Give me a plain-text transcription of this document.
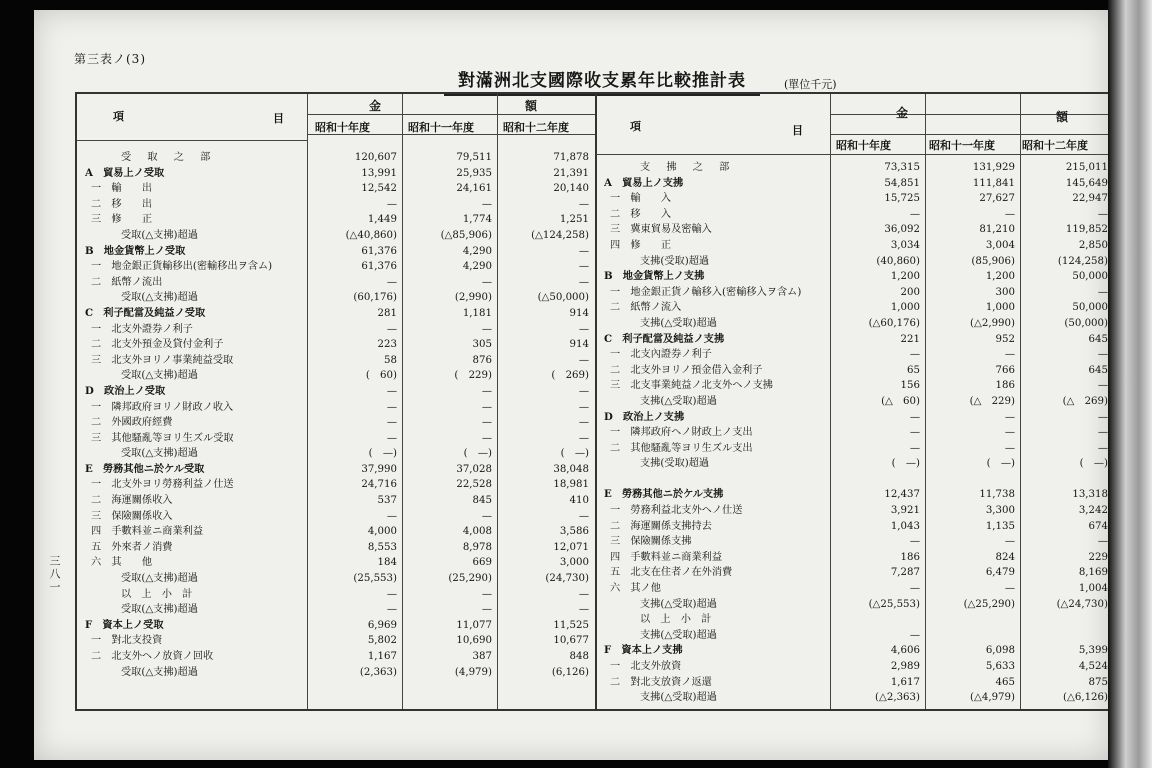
第三表ノ(3)
對滿洲北支國際收支累年比較推計表	(單位千元)
三八一
項	目
金	額
昭和十年度	昭和十一年度	昭和十二年度
受　取　之　部	120,607	79,511	71,878
A　貿易上ノ受取	13,991	25,935	21,391
一　輸　　出	12,542	24,161	20,140
二　移　　出	—	—	—
三　修　　正	1,449	1,774	1,251
受取(△支拂)超過	(△40,860)	(△85,906)	(△124,258)
B　地金貨幣上ノ受取	61,376	4,290	—
一　地金銀正貨輸移出(密輸移出ヲ含ム)	61,376	4,290	—
二　紙幣ノ流出	—	—	—
受取(△支拂)超過	(60,176)	(2,990)	(△50,000)
C　利子配當及純益ノ受取	281	1,181	914
一　北支外證券ノ利子	—	—	—
二　北支外預金及貸付金利子	223	305	914
三　北支外ヨリノ事業純益受取	58	876	—
受取(△支拂)超過	(　60)	(　229)	(　269)
D　政治上ノ受取	—	—	—
一　隣邦政府ヨリノ財政ノ收入	—	—	—
二　外國政府經費	—	—	—
三　其他騷亂等ヨリ生ズル受取	—	—	—
受取(△支拂)超過	(　—)	(　—)	(　—)
E　勞務其他ニ於ケル受取	37,990	37,028	38,048
一　北支外ヨリ勞務利益ノ仕送	24,716	22,528	18,981
二　海運關係收入	537	845	410
三　保險關係收入	—	—	—
四　手數料並ニ商業利益	4,000	4,008	3,586
五　外來者ノ消費	8,553	8,978	12,071
六　其　　他	184	669	3,000
受取(△支拂)超過	(25,553)	(25,290)	(24,730)
以　上　小　計	—	—	—
受取(△支拂)超過	—	—	—
F　資本上ノ受取	6,969	11,077	11,525
一　對北支投資	5,802	10,690	10,677
二　北支外ヘノ放資ノ回收	1,167	387	848
受取(△支拂)超過	(2,363)	(4,979)	(6,126)
項	目
金	額
昭和十年度	昭和十一年度 昭和十二年度
支　拂　之　部	73,315	131,929	215,011
A　貿易上ノ支拂	54,851	111,841	145,649
一　輸　　入	15,725	27,627	22,947
二　移　　入	—	—	—
三　冀東貿易及密輸入	36,092	81,210	119,852
四　修　　正	3,034	3,004	2,850
支拂(受取)超過	(40,860)	(85,906)	(124,258)
B　地金貨幣上ノ支拂	1,200	1,200	50,000
一　地金銀正貨ノ輸移入(密輸移入ヲ含ム)	200	300	—
二　紙幣ノ流入	1,000	1,000	50,000
支拂(△受取)超過	(△60,176)	(△2,990)	(50,000)
C　利子配當及純益ノ支拂	221	952	645
一　北支內證券ノ利子	—	—	—
二　北支外ヨリノ預金借入金利子	65	766	645
三　北支事業純益ノ北支外ヘノ支拂	156	186	—
支拂(△受取)超過	(△　60)	(△　229)	(△　269)
D　政治上ノ支拂	—	—	—
一　隣邦政府ヘノ財政上ノ支出	—	—	—
二　其他騷亂等ヨリ生ズル支出	—	—	—
支拂(受取)超過	(　—)	(　—)	(　—)
E　勞務其他ニ於ケル支拂	12,437	11,738	13,318
一　勞務利益北支外ヘノ仕送	3,921	3,300	3,242
二　海運關係支拂持去	1,043	1,135	674
三　保險關係支拂	—	—	—
四　手數料並ニ商業利益	186	824	229
五　北支在住者ノ在外消費	7,287	6,479	8,169
六　其ノ他	—	—	1,004
支拂(△受取)超過	(△25,553)	(△25,290)	(△24,730)
以　上　小　計
支拂(△受取)超過	—
F　資本上ノ支拂	4,606	6,098	5,399
一　北支外放資	2,989	5,633	4,524
二　對北支放資ノ返還	1,617	465	875
支拂(△受取)超過	(△2,363)	(△4,979)	(△6,126)
